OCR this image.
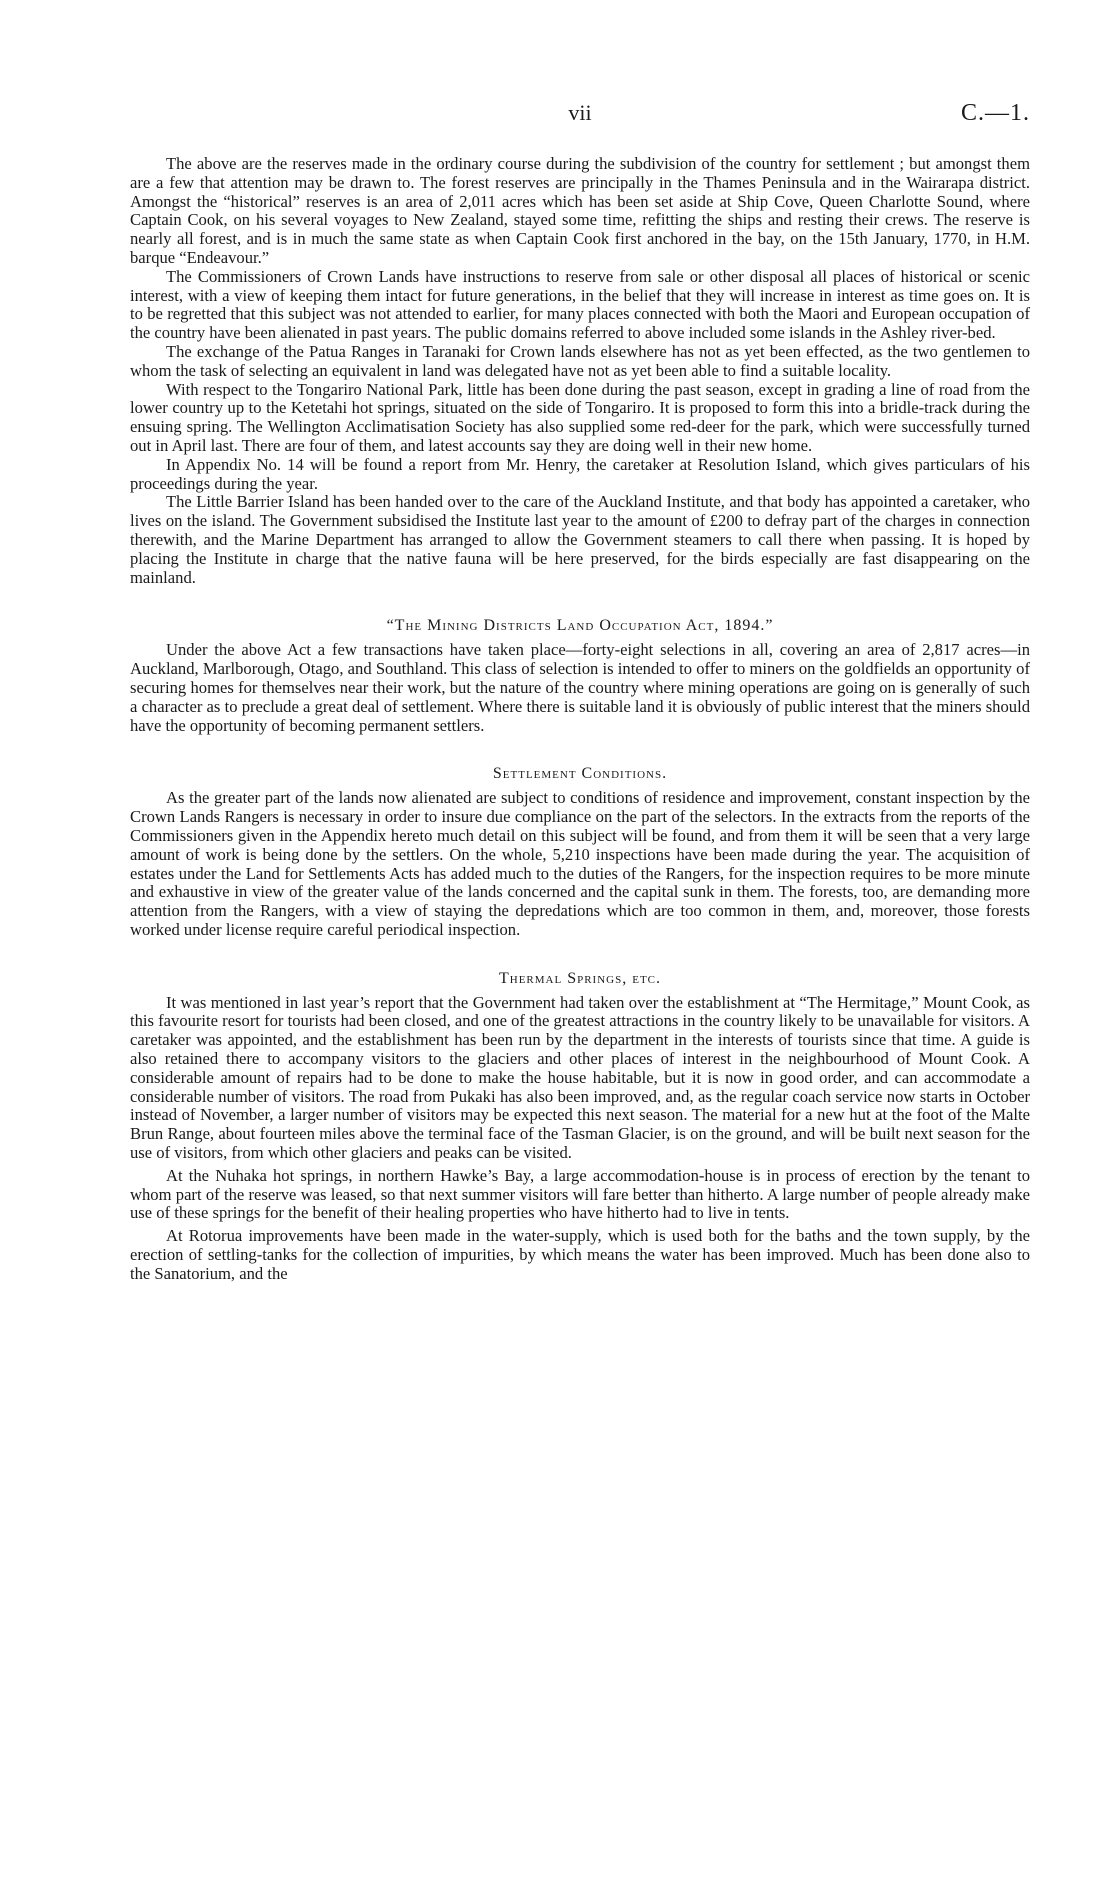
vii	C.—1.

The above are the reserves made in the ordinary course during the subdivision of the country for settlement ; but amongst them are a few that attention may be drawn to. The forest reserves are principally in the Thames Peninsula and in the Wairarapa district. Amongst the “historical” reserves is an area of 2,011 acres which has been set aside at Ship Cove, Queen Charlotte Sound, where Captain Cook, on his several voyages to New Zealand, stayed some time, refitting the ships and resting their crews. The reserve is nearly all forest, and is in much the same state as when Captain Cook first anchored in the bay, on the 15th January, 1770, in H.M. barque “Endeavour.”

The Commissioners of Crown Lands have instructions to reserve from sale or other disposal all places of historical or scenic interest, with a view of keeping them intact for future generations, in the belief that they will increase in interest as time goes on. It is to be regretted that this subject was not attended to earlier, for many places connected with both the Maori and European occupation of the country have been alienated in past years. The public domains referred to above included some islands in the Ashley river-bed.

The exchange of the Patua Ranges in Taranaki for Crown lands elsewhere has not as yet been effected, as the two gentlemen to whom the task of selecting an equivalent in land was delegated have not as yet been able to find a suitable locality.

With respect to the Tongariro National Park, little has been done during the past season, except in grading a line of road from the lower country up to the Ketetahi hot springs, situated on the side of Tongariro. It is proposed to form this into a bridle-track during the ensuing spring. The Wellington Acclimatisation Society has also supplied some red-deer for the park, which were successfully turned out in April last. There are four of them, and latest accounts say they are doing well in their new home.

In Appendix No. 14 will be found a report from Mr. Henry, the caretaker at Resolution Island, which gives particulars of his proceedings during the year.

The Little Barrier Island has been handed over to the care of the Auckland Institute, and that body has appointed a caretaker, who lives on the island. The Government subsidised the Institute last year to the amount of £200 to defray part of the charges in connection therewith, and the Marine Department has arranged to allow the Government steamers to call there when passing. It is hoped by placing the Institute in charge that the native fauna will be here preserved, for the birds especially are fast disappearing on the mainland.

“The Mining Districts Land Occupation Act, 1894.”

Under the above Act a few transactions have taken place—forty-eight selections in all, covering an area of 2,817 acres—in Auckland, Marlborough, Otago, and Southland. This class of selection is intended to offer to miners on the goldfields an opportunity of securing homes for themselves near their work, but the nature of the country where mining operations are going on is generally of such a character as to preclude a great deal of settlement. Where there is suitable land it is obviously of public interest that the miners should have the opportunity of becoming permanent settlers.

Settlement Conditions.

As the greater part of the lands now alienated are subject to conditions of residence and improvement, constant inspection by the Crown Lands Rangers is necessary in order to insure due compliance on the part of the selectors. In the extracts from the reports of the Commissioners given in the Appendix hereto much detail on this subject will be found, and from them it will be seen that a very large amount of work is being done by the settlers. On the whole, 5,210 inspections have been made during the year. The acquisition of estates under the Land for Settlements Acts has added much to the duties of the Rangers, for the inspection requires to be more minute and exhaustive in view of the greater value of the lands concerned and the capital sunk in them. The forests, too, are demanding more attention from the Rangers, with a view of staying the depredations which are too common in them, and, moreover, those forests worked under license require careful periodical inspection.

Thermal Springs, etc.

It was mentioned in last year’s report that the Government had taken over the establishment at “The Hermitage,” Mount Cook, as this favourite resort for tourists had been closed, and one of the greatest attractions in the country likely to be unavailable for visitors. A caretaker was appointed, and the establishment has been run by the department in the interests of tourists since that time. A guide is also retained there to accompany visitors to the glaciers and other places of interest in the neighbourhood of Mount Cook. A considerable amount of repairs had to be done to make the house habitable, but it is now in good order, and can accommodate a considerable number of visitors. The road from Pukaki has also been improved, and, as the regular coach service now starts in October instead of November, a larger number of visitors may be expected this next season. The material for a new hut at the foot of the Malte Brun Range, about fourteen miles above the terminal face of the Tasman Glacier, is on the ground, and will be built next season for the use of visitors, from which other glaciers and peaks can be visited.

At the Nuhaka hot springs, in northern Hawke’s Bay, a large accommodation-house is in process of erection by the tenant to whom part of the reserve was leased, so that next summer visitors will fare better than hitherto. A large number of people already make use of these springs for the benefit of their healing properties who have hitherto had to live in tents.

At Rotorua improvements have been made in the water-supply, which is used both for the baths and the town supply, by the erection of settling-tanks for the collection of impurities, by which means the water has been improved. Much has been done also to the Sanatorium, and the
